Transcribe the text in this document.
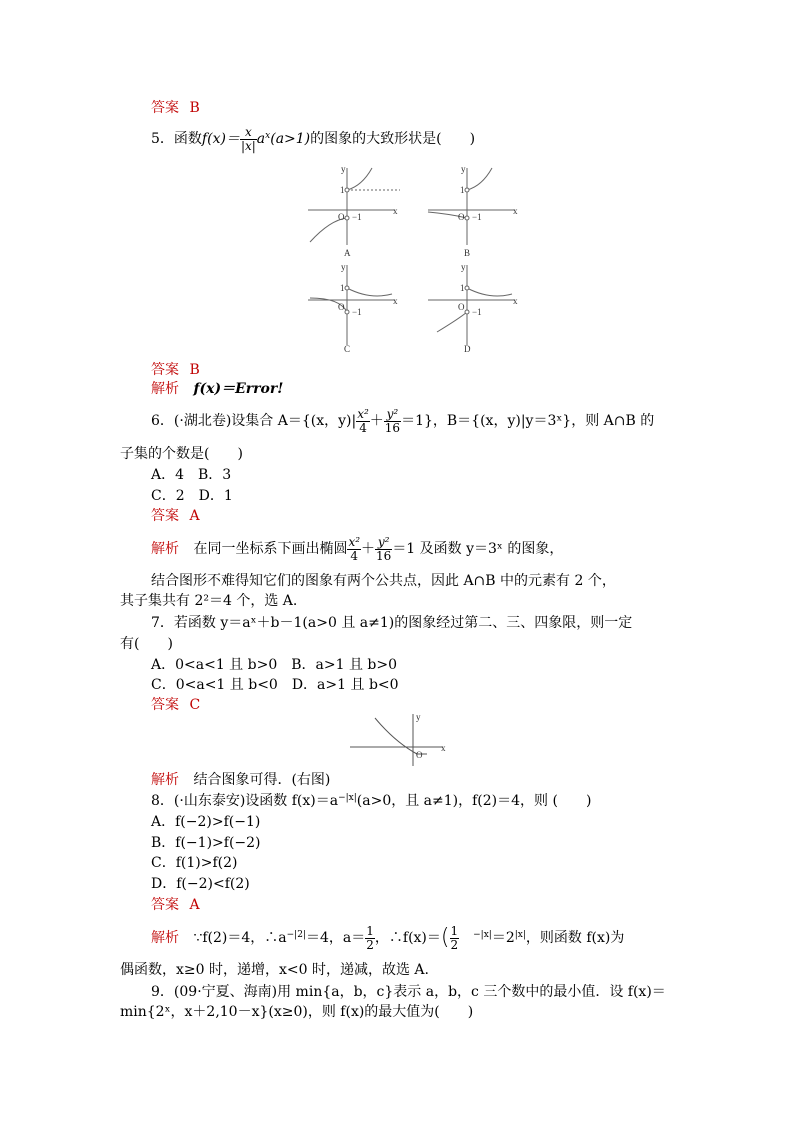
答案 B
5．函数$f(x)= \frac{x}{|x|} a^x(a>1)$的图象的大致形状是(　　)
y
x
O
1
−1
A
y
x
O
1
−1
B
y
x
O
1
−1
C
y
x
O
1
−1
D
答案 B
解析 f(x)＝Error!
6．(·湖北卷)设集合 A＝{(x，$y)| \frac{\text{x²}}{4} + \frac{\text{y²}}{16} =1$}，B＝{(x，y)|y＝3ˣ}，则 A∩B 的
子集的个数是(　　)
A．4　B．3
C．2　D．1
答案 A
解析 在同一坐标系下画出椭圆 $\frac{\text{x²}}{4} + \frac{\text{y²}}{16} =1$ 及函数 y＝3ˣ 的图象，
结合图形不难得知它们的图象有两个公共点，因此 A∩B 中的元素有 2 个，
其子集共有 2²＝4 个，选 A.
7．若函数 y＝aˣ＋b－1(a>0 且 a≠1)的图象经过第二、三、四象限，则一定
有(　　)
A．0<a<1 且 b>0　B．a>1 且 b>0
C．0<a<1 且 b<0　D．a>1 且 b<0
答案 C
y
x
O
解析 结合图象可得．(右图)
8．(·山东泰安)设函数 $f(x)=a^{-|x|}(a>0$，且 a≠1)，f(2)＝4，则 (　　)
A．f(−2)>f(−1)
B．f(−1)>f(−2)
C．f(1)>f(2)
D．f(−2)<f(2)
答案 A
解析 ∵f(2)＝4，$\therefore a^{-|2|}=4$，$a= \frac{1}{2}$ ，∴f(x)＝( $\frac{1}{2} ^{-|x|}=2^{|x|}$，则函数 f(x)为
偶函数，x≥0 时，递增，x<0 时，递减，故选 A.
9．(09·宁夏、海南)用 min{a，b，c}表示 a，b，c 三个数中的最小值．设 f(x)＝
min{2ˣ，x＋2,10－x}(x≥0)，则 f(x)的最大值为(　　)
